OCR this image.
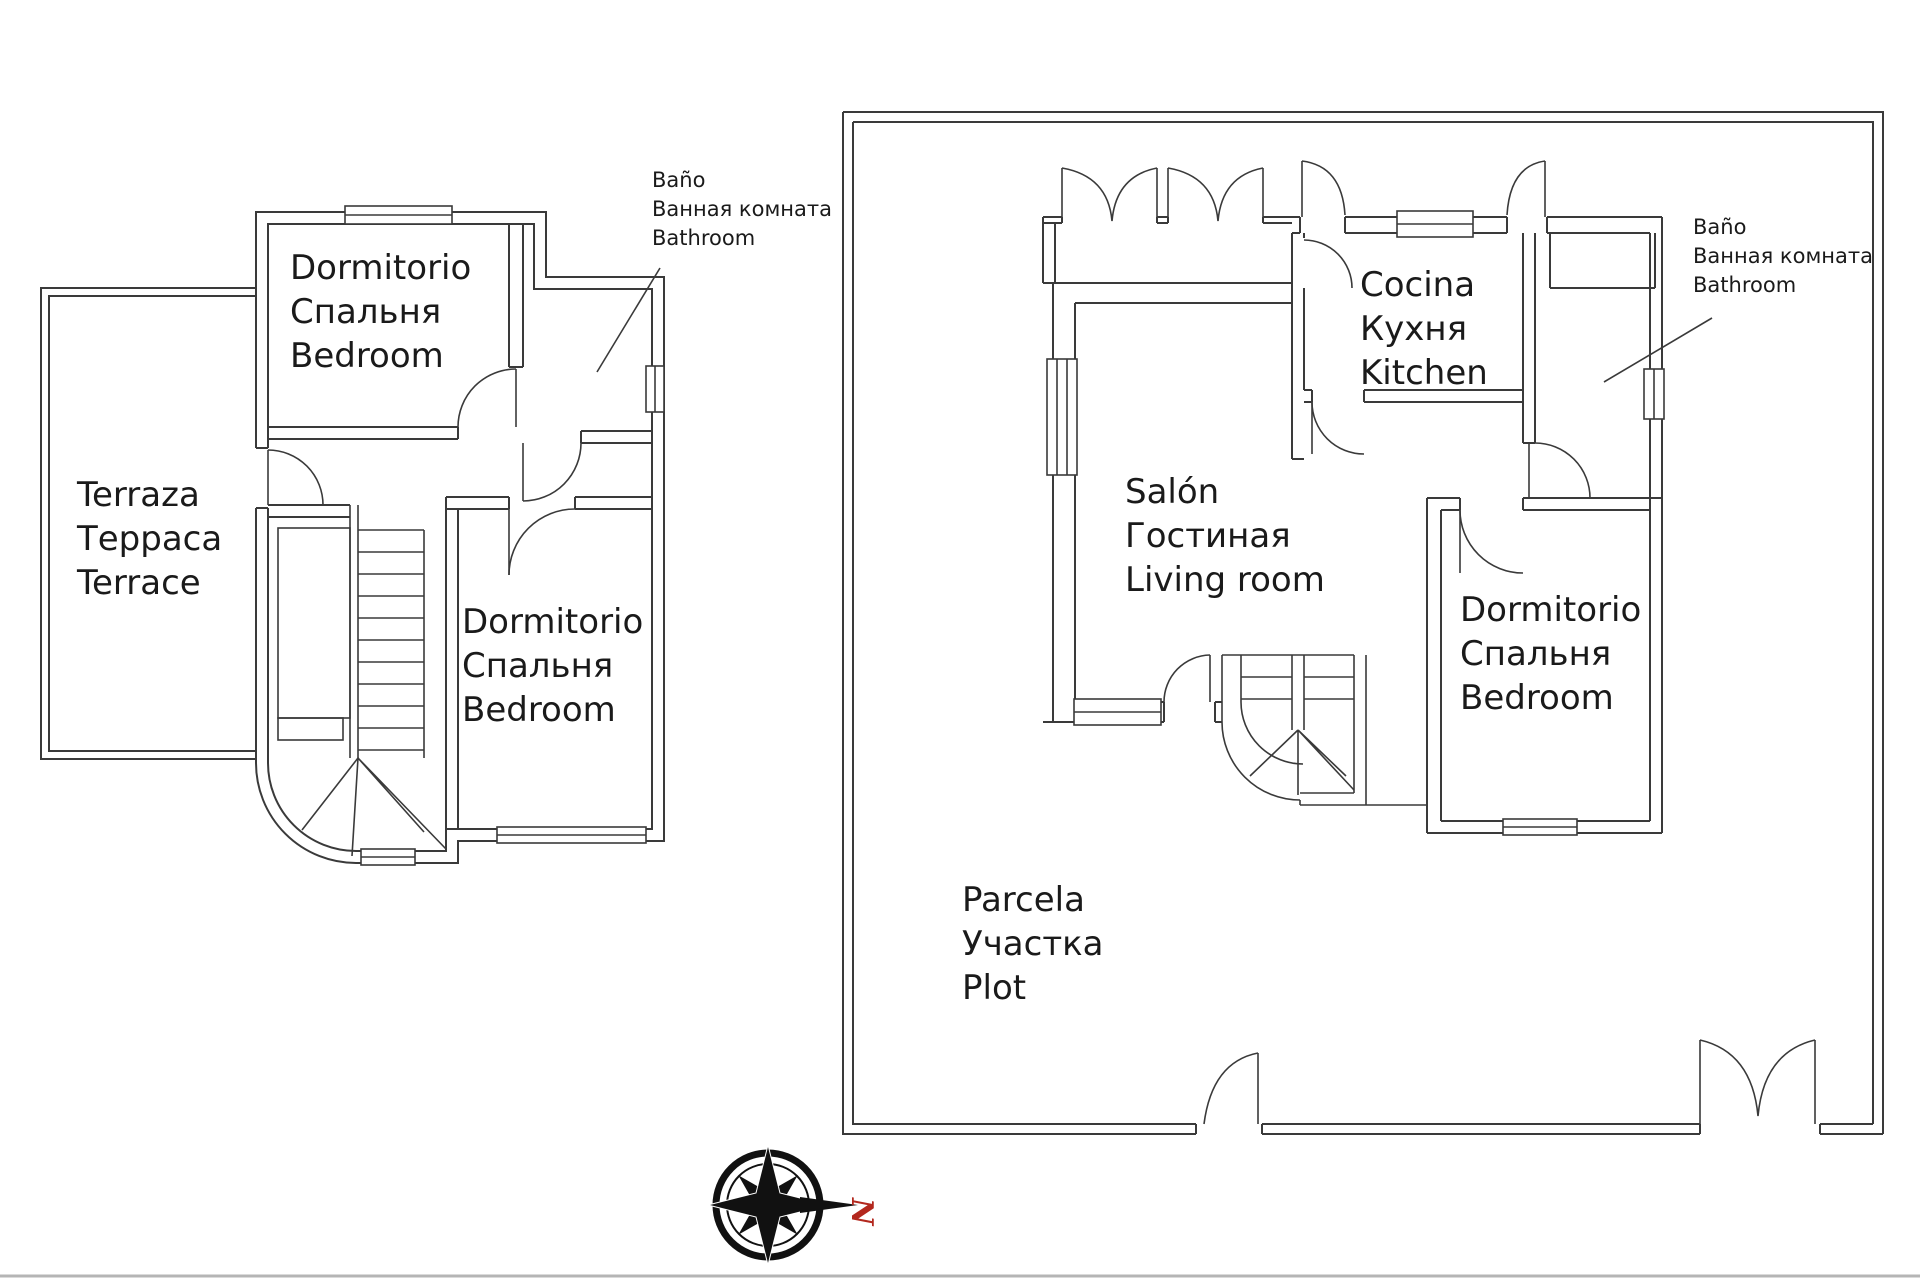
N
Dormitorio
Спальня
Bedroom
Terraza
Терраса
Terrace
Dormitorio
Спальня
Bedroom
Baño
Ванная комната
Bathroom
Cocina
Кухня
Kitchen
Salón
Гостиная
Living room
Dormitorio
Спальня
Bedroom
Parcela
Участка
Plot
Baño
Ванная комната
Bathroom
